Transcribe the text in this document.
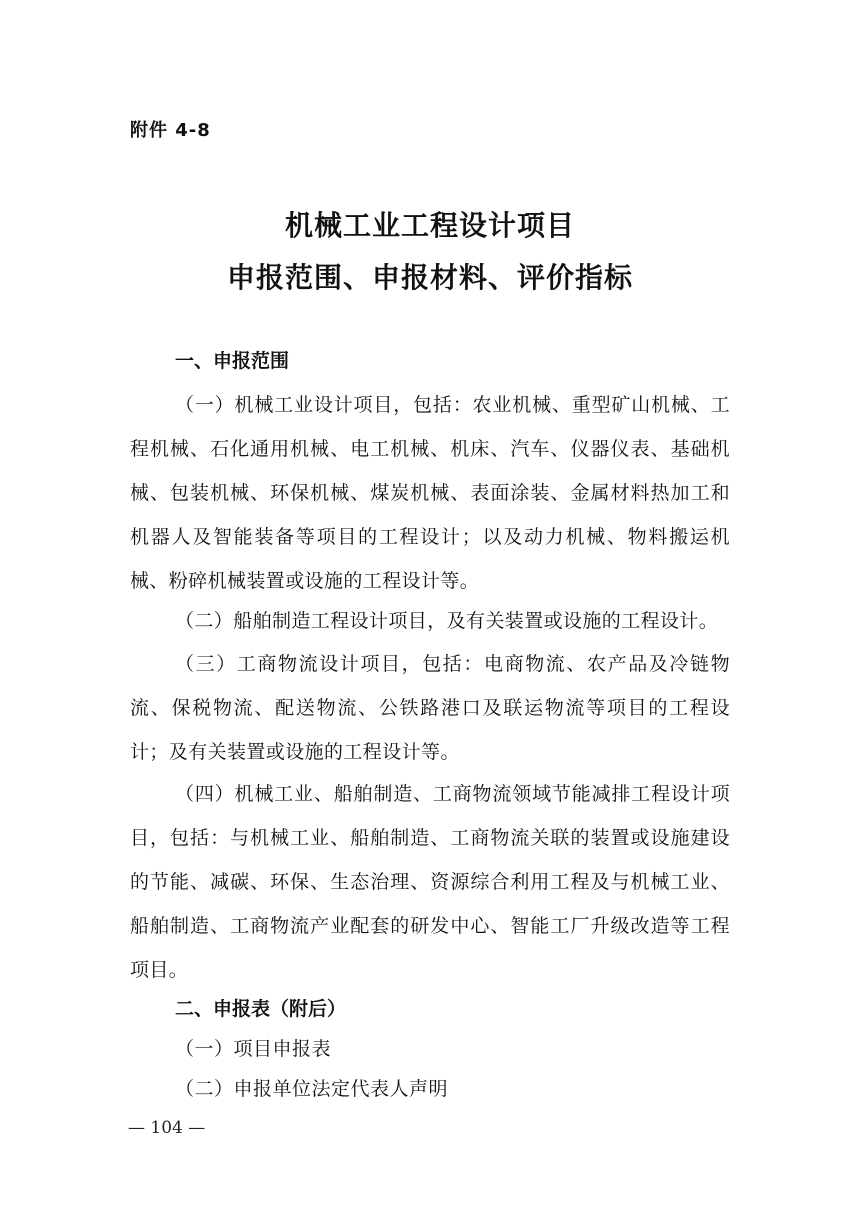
附件 4-8
机械工业工程设计项目
申报范围、申报材料、评价指标
一、申报范围

（一）机械工业设计项目，包括：农业机械、重型矿山机械、工程机械、石化通用机械、电工机械、机床、汽车、仪器仪表、基础机械、包装机械、环保机械、煤炭机械、表面涂装、金属材料热加工和机器人及智能装备等项目的工程设计；以及动力机械、物料搬运机械、粉碎机械装置或设施的工程设计等。

（二）船舶制造工程设计项目，及有关装置或设施的工程设计。

（三）工商物流设计项目，包括：电商物流、农产品及冷链物流、保税物流、配送物流、公铁路港口及联运物流等项目的工程设计；及有关装置或设施的工程设计等。

（四）机械工业、船舶制造、工商物流领域节能减排工程设计项目，包括：与机械工业、船舶制造、工商物流关联的装置或设施建设的节能、减碳、环保、生态治理、资源综合利用工程及与机械工业、船舶制造、工商物流产业配套的研发中心、智能工厂升级改造等工程项目。

二、申报表（附后）

（一）项目申报表

（二）申报单位法定代表人声明

— 104 —
